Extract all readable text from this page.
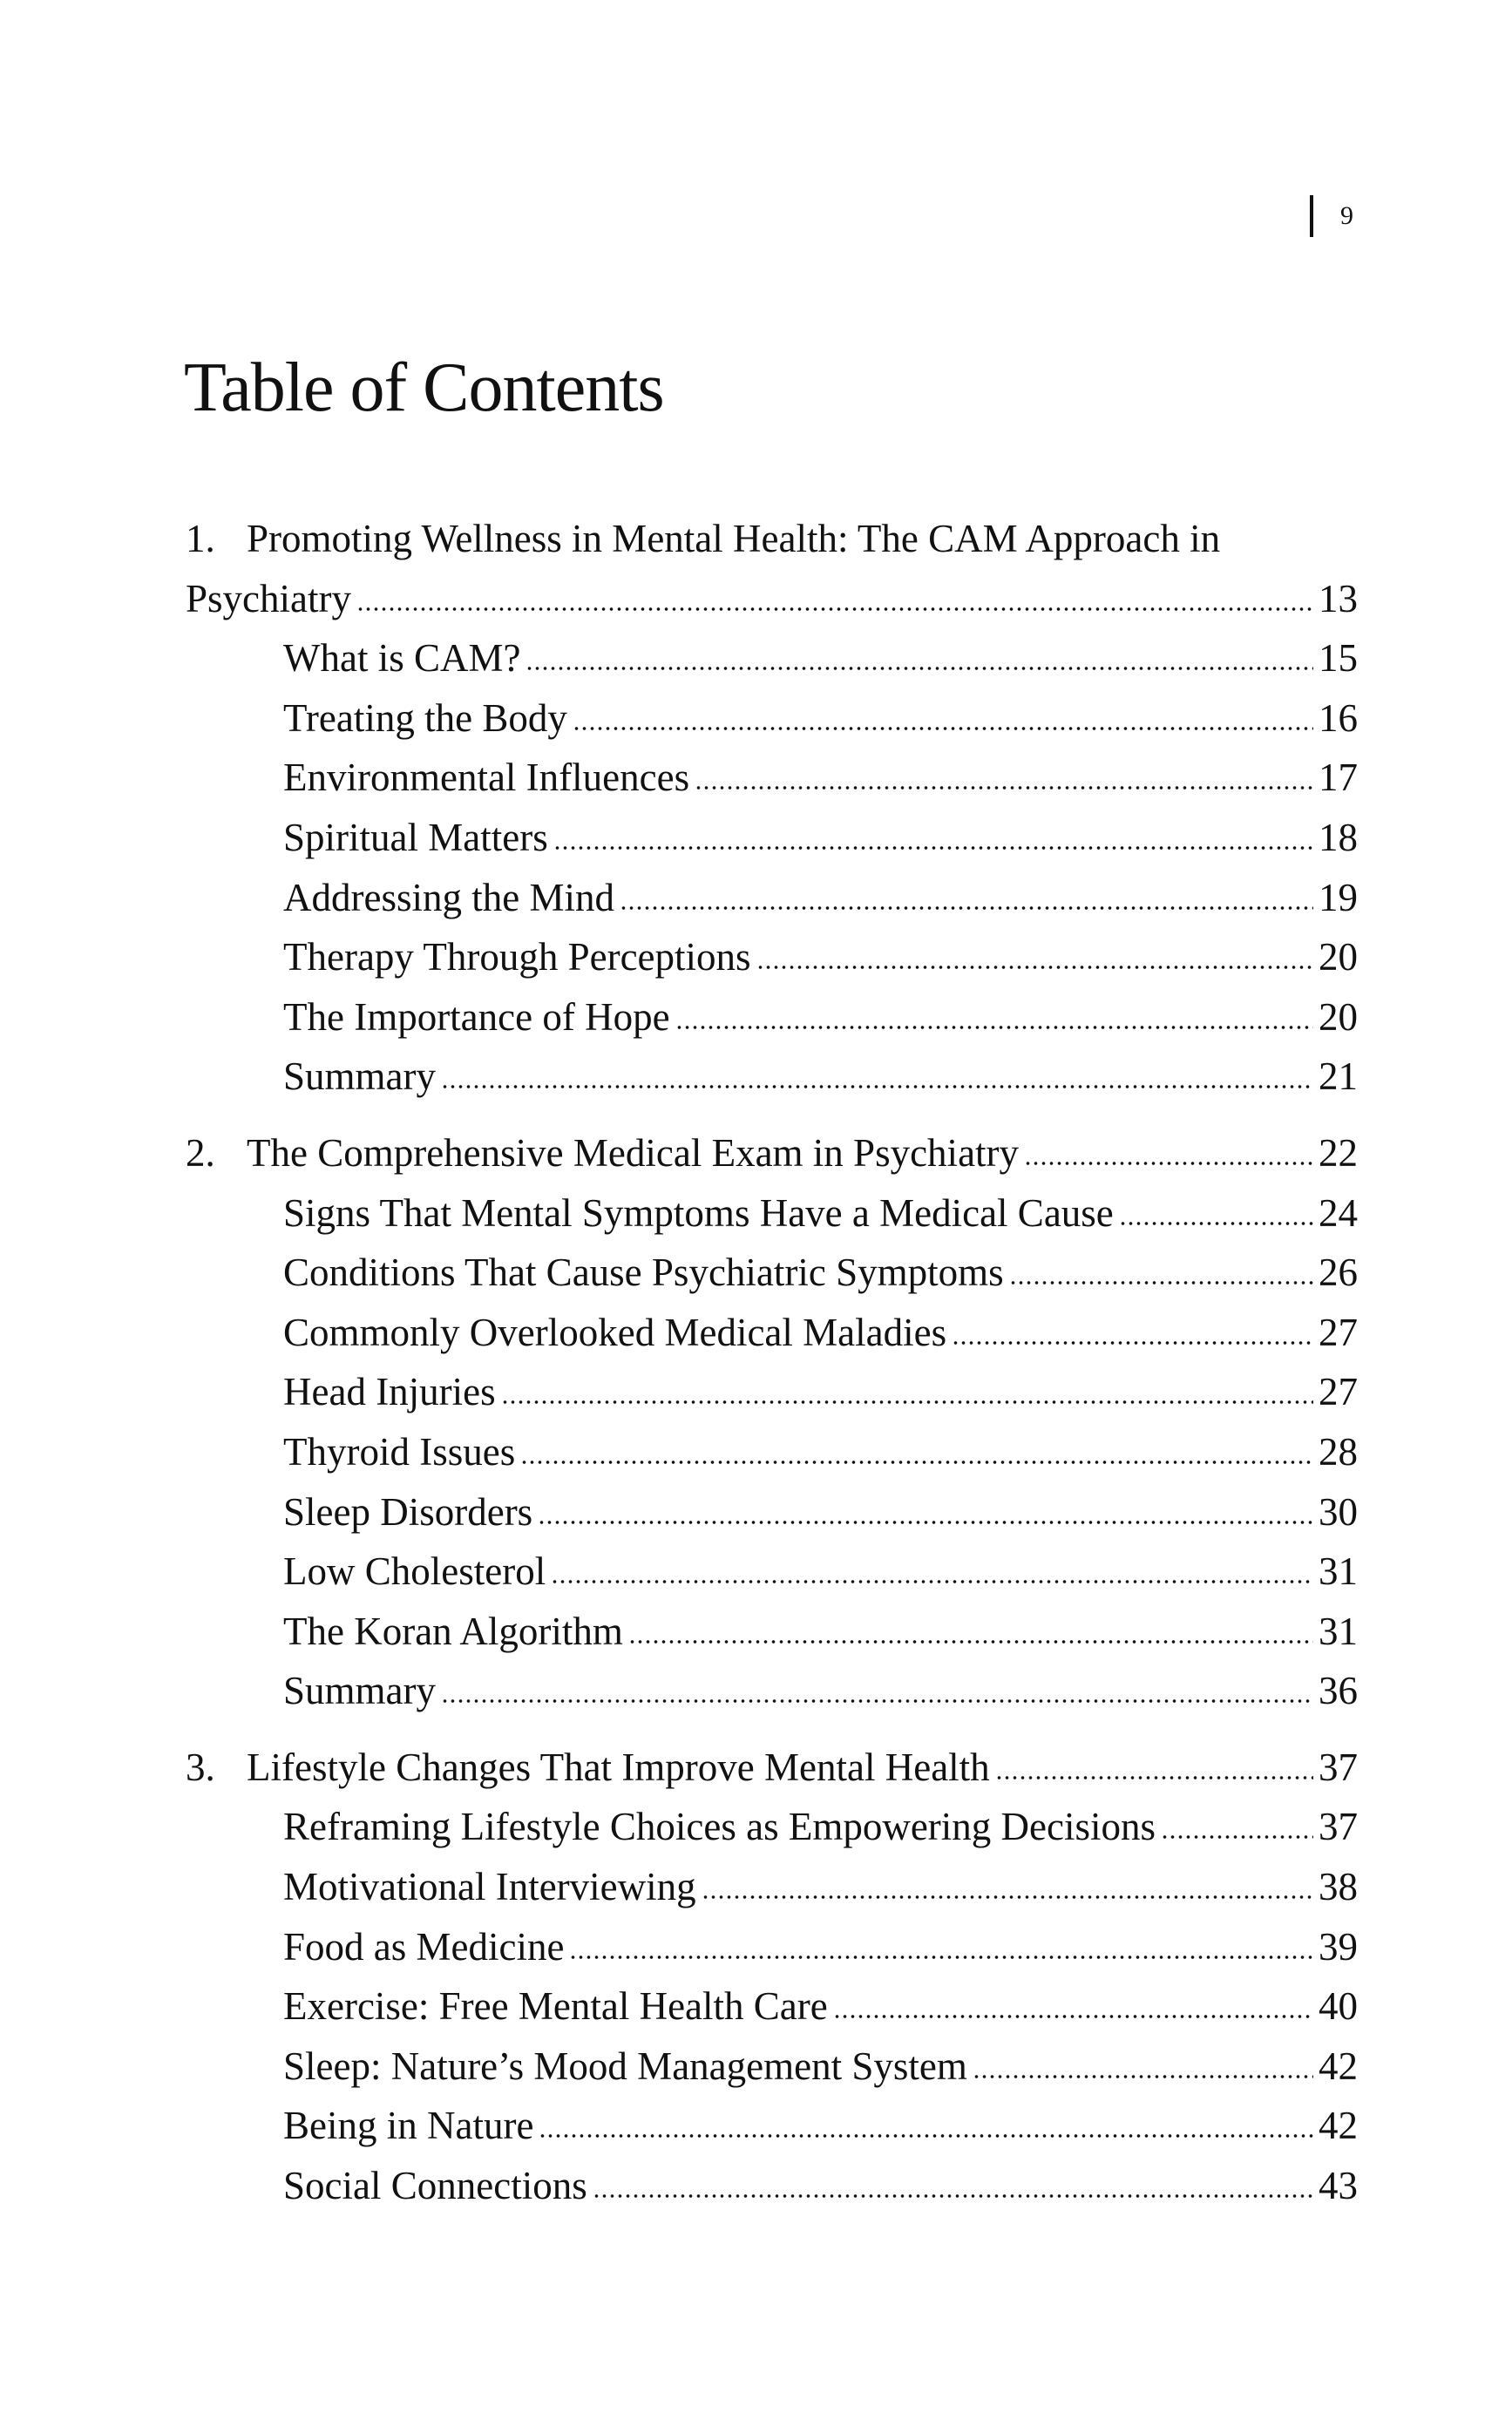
9
Table of Contents
1. Promoting Wellness in Mental Health: The CAM Approach in
Psychiatry	13
What is CAM?	15
Treating the Body	16
Environmental Influences	17
Spiritual Matters	18
Addressing the Mind	19
Therapy Through Perceptions	20
The Importance of Hope	20
Summary	21
2. The Comprehensive Medical Exam in Psychiatry	22
Signs That Mental Symptoms Have a Medical Cause	24
Conditions That Cause Psychiatric Symptoms	26
Commonly Overlooked Medical Maladies	27
Head Injuries	27
Thyroid Issues	28
Sleep Disorders	30
Low Cholesterol	31
The Koran Algorithm	31
Summary	36
3. Lifestyle Changes That Improve Mental Health	37
Reframing Lifestyle Choices as Empowering Decisions	37
Motivational Interviewing	38
Food as Medicine	39
Exercise: Free Mental Health Care	40
Sleep: Nature’s Mood Management System	42
Being in Nature	42
Social Connections	43
